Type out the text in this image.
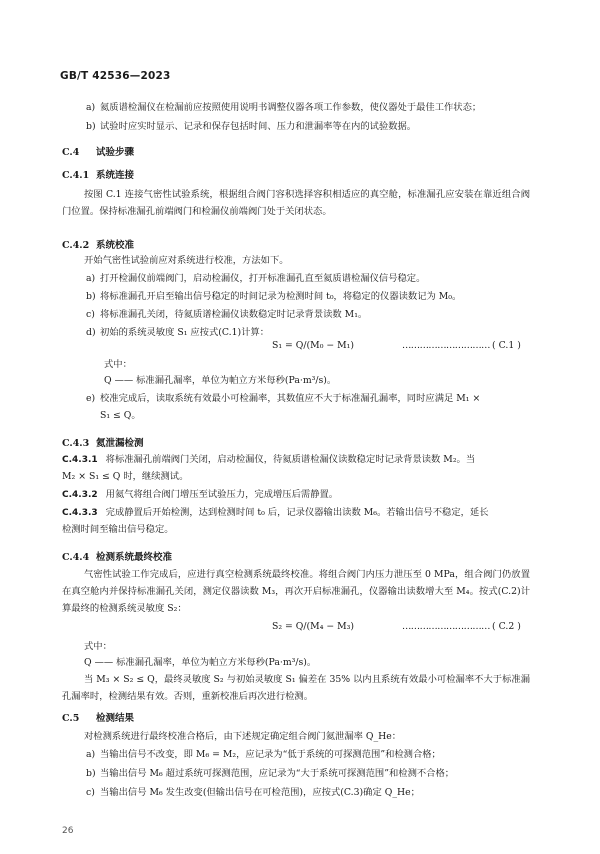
GB/T 42536—2023
a) 氦质谱检漏仪在检漏前应按照使用说明书调整仪器各项工作参数，使仪器处于最佳工作状态；
b) 试验时应实时显示、记录和保存包括时间、压力和泄漏率等在内的试验数据。
C.4 试验步骤
C.4.1 系统连接
按图 C.1 连接气密性试验系统，根据组合阀门容积选择容积相适应的真空舱，标准漏孔应安装在靠近组合阀门位置。保持标准漏孔前端阀门和检漏仪前端阀门处于关闭状态。
C.4.2 系统校准
开始气密性试验前应对系统进行校准，方法如下。
a) 打开检漏仪前端阀门，启动检漏仪，打开标准漏孔直至氦质谱检漏仪信号稳定。
b) 将标准漏孔开启至输出信号稳定的时间记录为检测时间 t₀，将稳定的仪器读数记为 M₀。
c) 将标准漏孔关闭，待氦质谱检漏仪读数稳定时记录背景读数 M₁。
d) 初始的系统灵敏度 S₁ 应按式(C.1)计算：
S₁ = Q/(M₀ − M₁)	………………………… ( C.1 )
式中：
Q —— 标准漏孔漏率，单位为帕立方米每秒(Pa·m³/s)。
e) 校准完成后，读取系统有效最小可检漏率，其数值应不大于标准漏孔漏率，同时应满足 M₁ ×
S₁ ≤ Q。
C.4.3 氦泄漏检测
C.4.3.1 将标准漏孔前端阀门关闭，启动检漏仪，待氦质谱检漏仪读数稳定时记录背景读数 M₂。当
M₂ × S₁ ≤ Q 时，继续测试。
C.4.3.2 用氦气将组合阀门增压至试验压力，完成增压后需静置。
C.4.3.3 完成静置后开始检测，达到检测时间 t₀ 后，记录仪器输出读数 M₆。若输出信号不稳定，延长
检测时间至输出信号稳定。
C.4.4 检测系统最终校准
气密性试验工作完成后，应进行真空检测系统最终校准。将组合阀门内压力泄压至 0 MPa，组合阀门仍放置在真空舱内并保持标准漏孔关闭，测定仪器读数 M₃，再次开启标准漏孔，仪器输出读数增大至 M₄。按式(C.2)计算最终的检测系统灵敏度 S₂：
S₂ = Q/(M₄ − M₃)	………………………… ( C.2 )
式中：
Q —— 标准漏孔漏率，单位为帕立方米每秒(Pa·m³/s)。
当 M₃ × S₂ ≤ Q，最终灵敏度 S₂ 与初始灵敏度 S₁ 偏差在 35% 以内且系统有效最小可检漏率不大于标准漏孔漏率时，检测结果有效。否则，重新校准后再次进行检测。
C.5 检测结果
对检测系统进行最终校准合格后，由下述规定确定组合阀门氦泄漏率 Q_He：
a) 当输出信号不改变，即 M₆ = M₂，应记录为“低于系统的可探测范围”和检测合格；
b) 当输出信号 M₆ 超过系统可探测范围，应记录为“大于系统可探测范围”和检测不合格；
c) 当输出信号 M₆ 发生改变(但输出信号在可检范围)，应按式(C.3)确定 Q_He；
26
